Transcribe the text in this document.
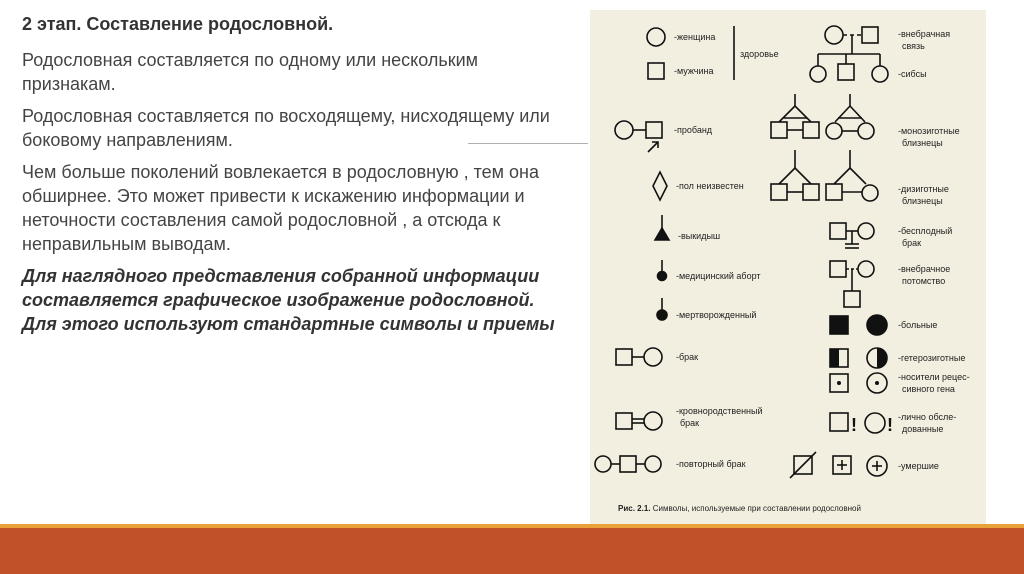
2 этап. Составление родословной.

Родословная составляется по одному или нескольким признакам.

Родословная составляется по восходящему, нисходящему или боковому направлениям.

Чем больше поколений вовлекается в родословную , тем она обширнее. Это может привести к искажению информации и неточности составления самой родословной , а отсюда к неправильным выводам.

Для наглядного представления собранной информации составляется графическое изображение родословной. Для этого используют стандартные символы и приемы

-женщина
-мужчина
здоровье
-пробанд
-пол неизвестен
-выкидыш
-медицинский аборт
-мертворожденный
-брак
-кровнородственный
брак
-повторный брак
-внебрачная
связь
-сибсы
-монозиготные
близнецы
-дизиготные
близнецы
-бесплодный
брак
-внебрачное
потомство
-больные
-гетерозиготные
-носители рецес-
сивного гена
! ! -лично обсле-
дованные
-умершие
Рис. 2.1. Символы, используемые при составлении родословной
